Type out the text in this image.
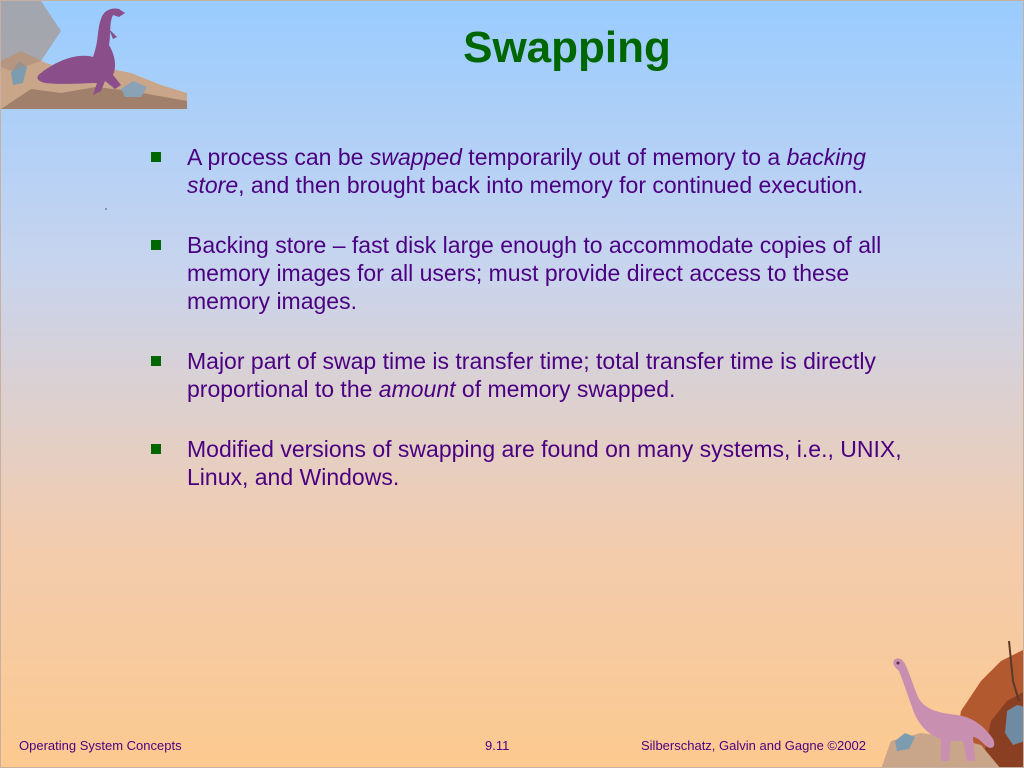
Swapping
A process can be swapped temporarily out of memory to a backing store, and then brought back into memory for continued execution.
Backing store – fast disk large enough to accommodate copies of all memory images for all users; must provide direct access to these memory images.
Major part of swap time is transfer time; total transfer time is directly proportional to the amount of memory swapped.
Modified versions of swapping are found on many systems, i.e., UNIX, Linux, and Windows.
Operating System Concepts	9.11	Silberschatz, Galvin and Gagne ©2002
